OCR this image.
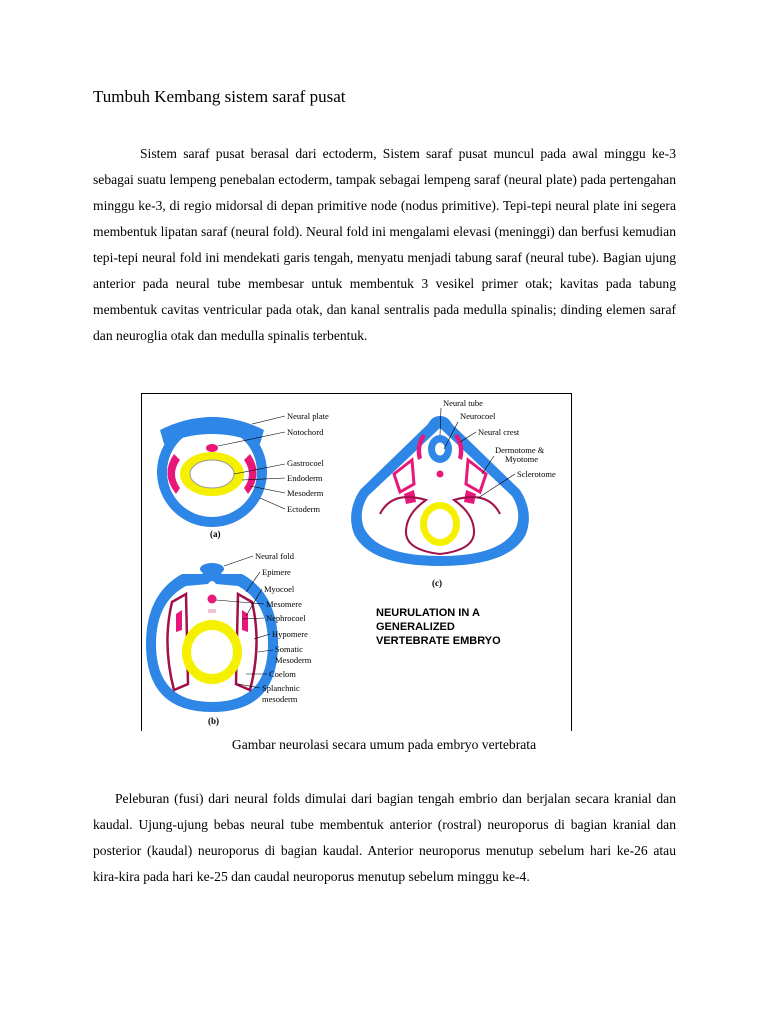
Tumbuh Kembang sistem saraf pusat
Sistem saraf pusat berasal dari ectoderm, Sistem saraf pusat muncul pada awal minggu ke-3 sebagai suatu lempeng penebalan ectoderm, tampak sebagai lempeng saraf (neural plate) pada pertengahan minggu ke-3, di regio midorsal di depan primitive node (nodus primitive). Tepi-tepi neural plate ini segera membentuk lipatan saraf (neural fold). Neural fold ini mengalami elevasi (meninggi) dan berfusi kemudian tepi-tepi neural fold ini mendekati garis tengah, menyatu menjadi tabung saraf (neural tube). Bagian ujung anterior pada neural tube membesar untuk membentuk 3 vesikel primer otak; kavitas pada tabung membentuk cavitas ventricular pada otak, dan kanal sentralis pada medulla spinalis; dinding elemen saraf dan neuroglia otak dan medulla spinalis terbentuk.
Neural plate
Notochord
Gastrocoel
Endoderm
Mesoderm
Ectoderm
(a)
Neural fold
Epimere
Myocoel
Mesomere
Nephrocoel
Hypomere
Somatic
Mesoderm
Coelom
Splanchnic
mesoderm
(b)
Neural tube
Neurocoel
Neural crest
Dermotome &
Myotome
Sclerotome
(c)
NEURULATION IN A
GENERALIZED
VERTEBRATE EMBRYO
Gambar neurolasi secara umum pada embryo vertebrata
Peleburan (fusi) dari neural folds dimulai dari bagian tengah embrio dan berjalan secara kranial dan kaudal. Ujung-ujung bebas neural tube membentuk anterior (rostral) neuroporus di bagian kranial dan posterior (kaudal) neuroporus di bagian kaudal. Anterior neuroporus menutup sebelum hari ke-26 atau kira-kira pada hari ke-25 dan caudal neuroporus menutup sebelum minggu ke-4.
